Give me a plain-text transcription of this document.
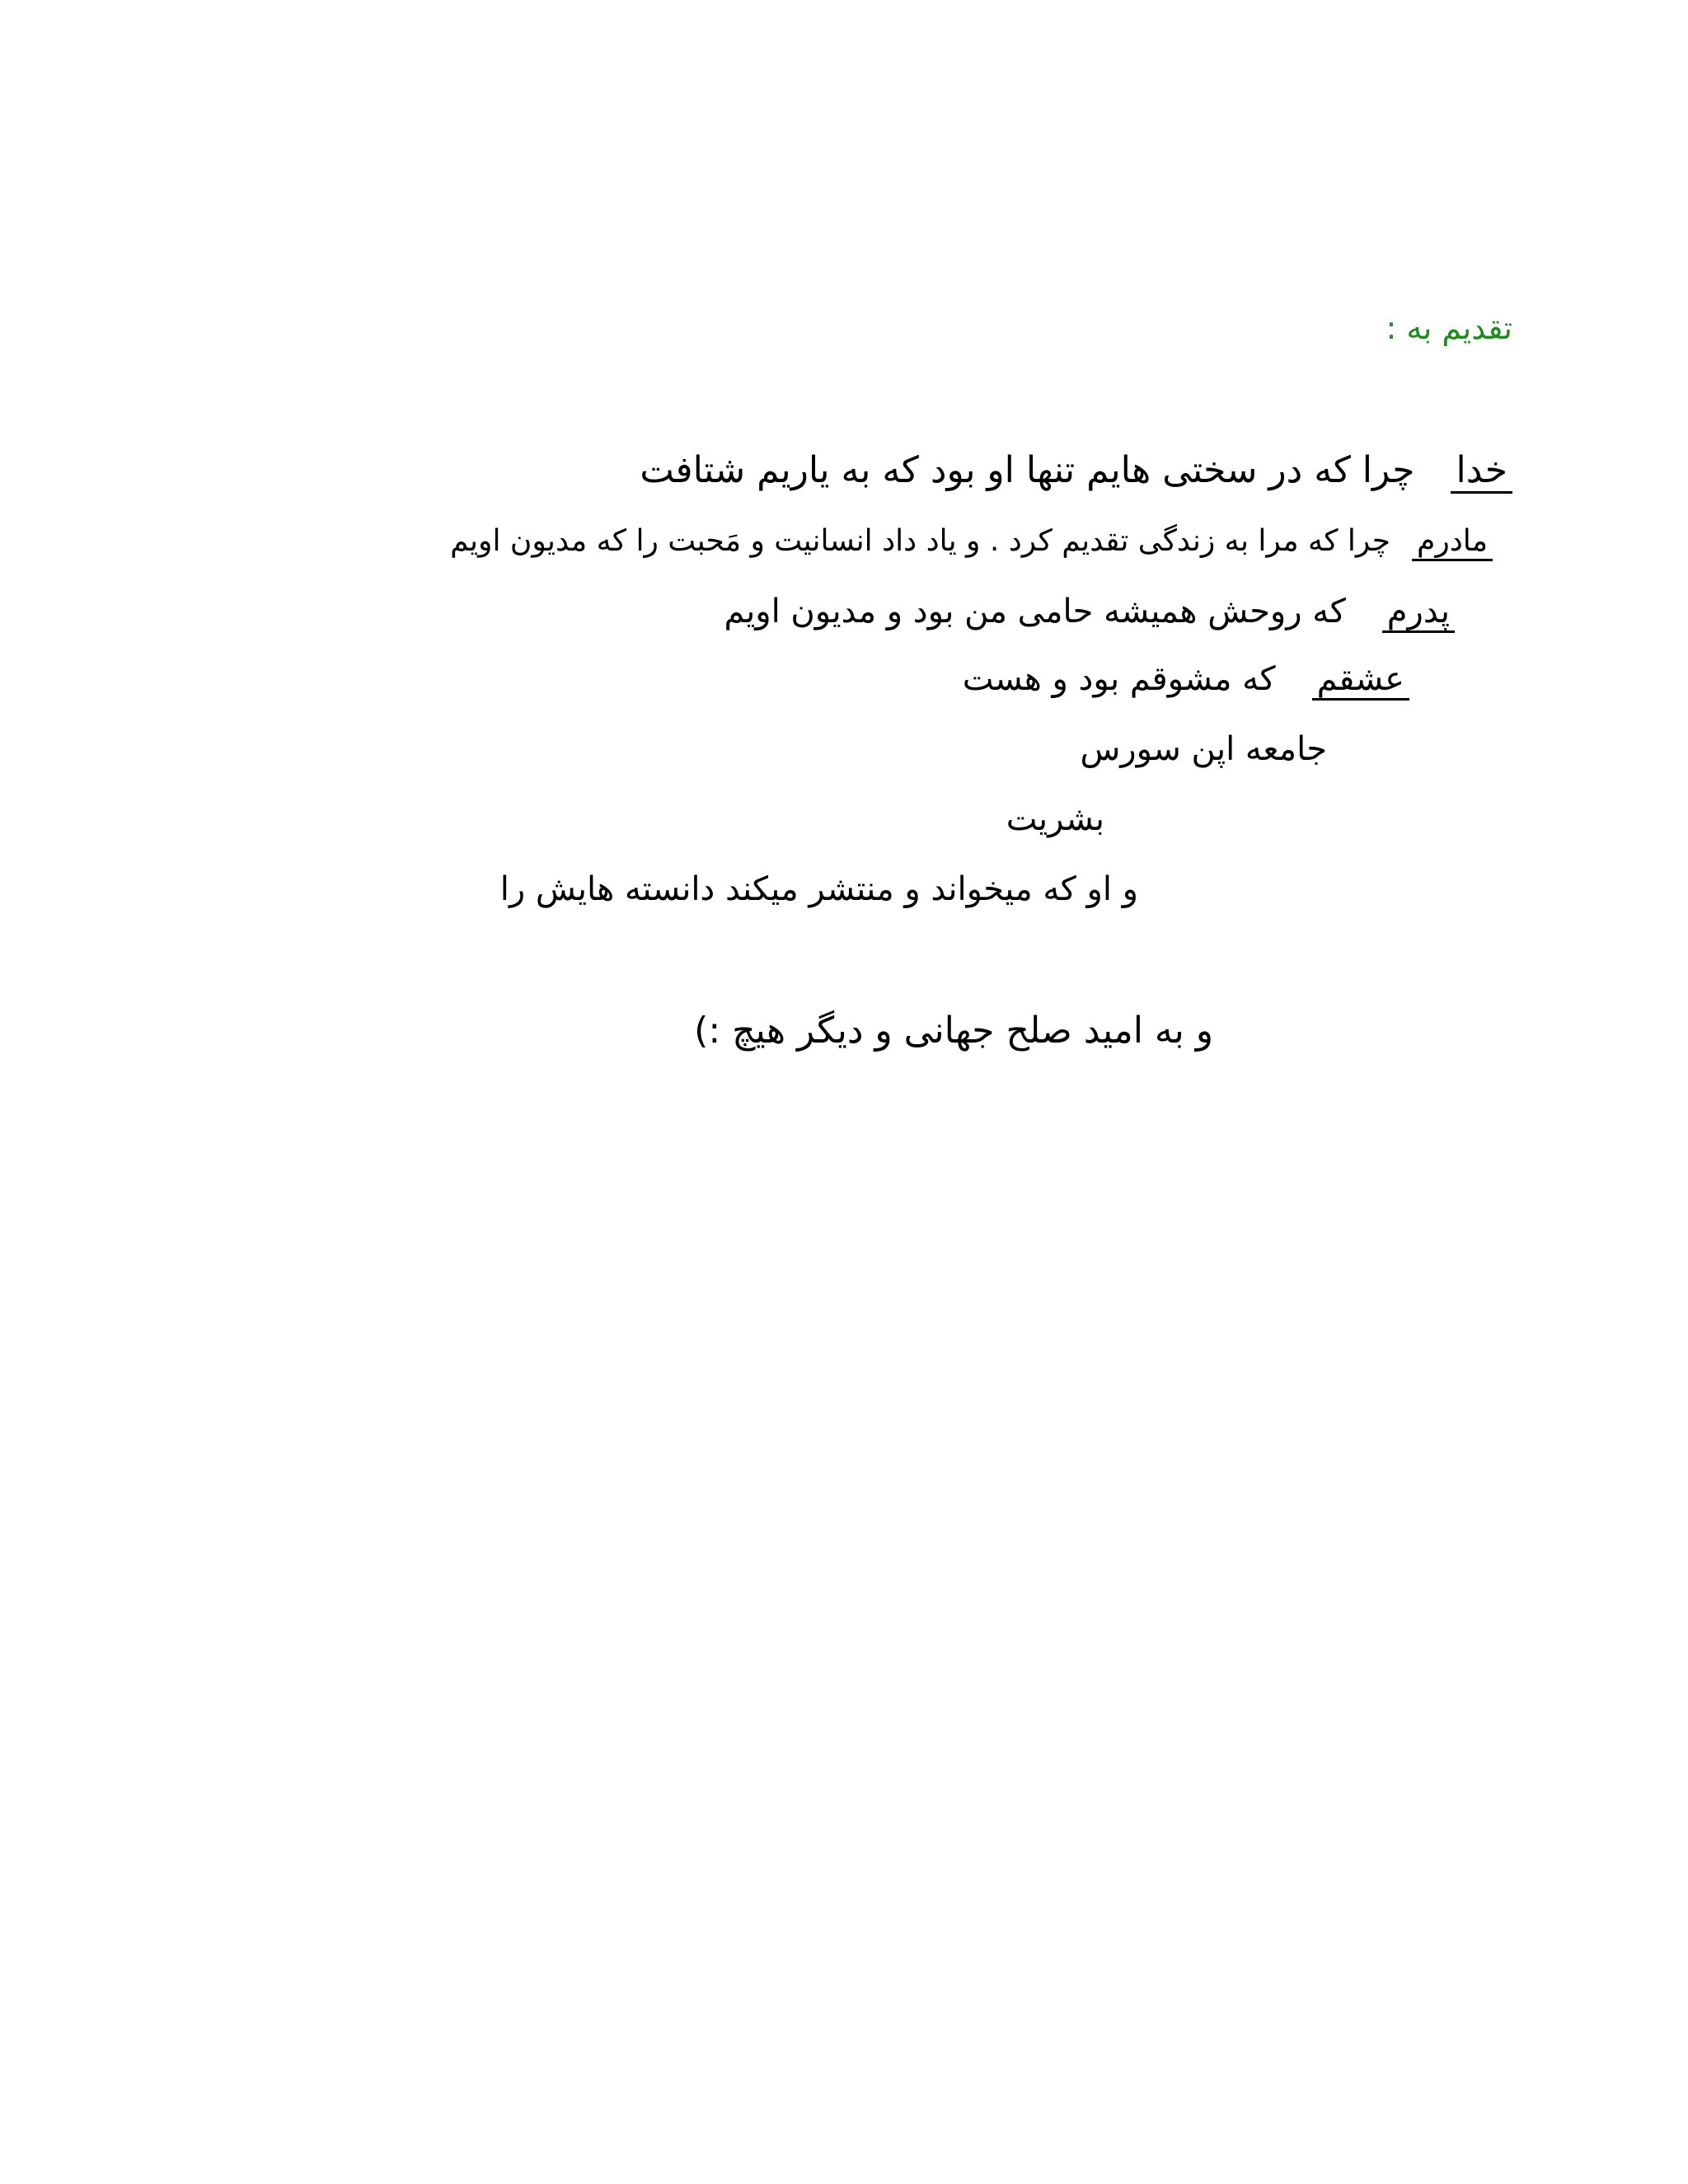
تقدیم به :
خداچرا که در سختی هایم تنها او بود که به یاریم شتافت
مادرمچرا که مرا به زندگی تقدیم کرد . و یاد داد انسانیت و مَحبت را که مدیون اویم
پدرمکه روحش همیشه حامی من بود و مدیون اویم
عشقمکه مشوقم بود و هست
جامعه اپن سورس
بشریت
و او که میخواند و منتشر میکند دانسته هایش را
و به امید صلح جهانی و دیگر هیچ :)
